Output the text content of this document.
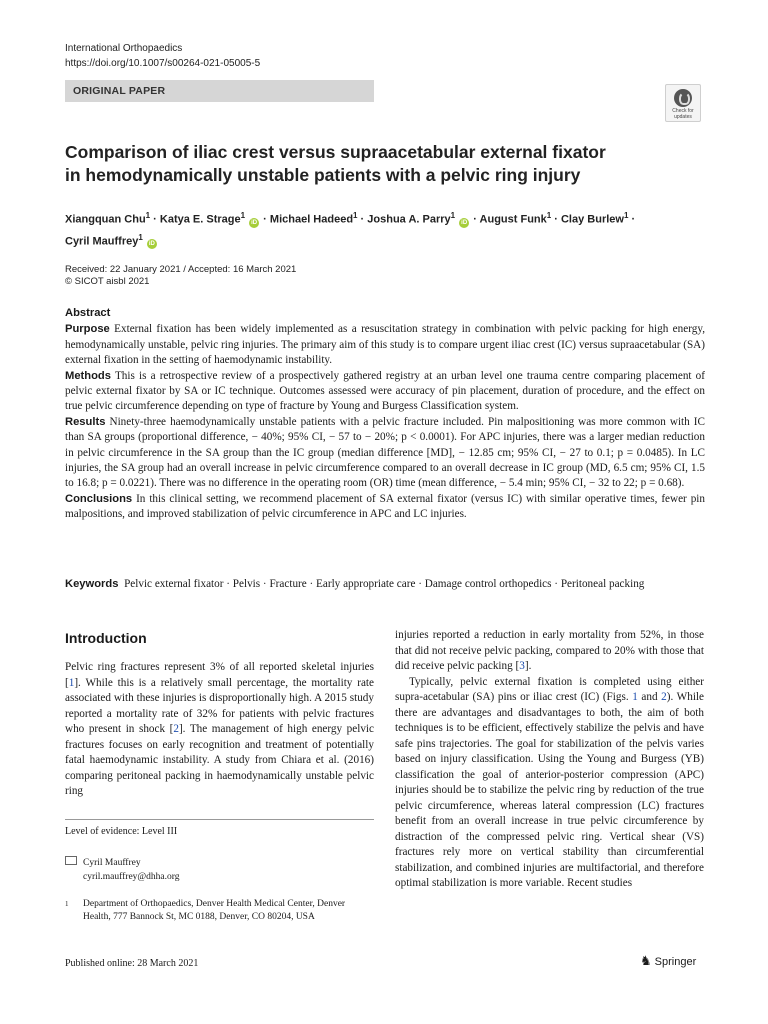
International Orthopaedics
https://doi.org/10.1007/s00264-021-05005-5
ORIGINAL PAPER
Check for
updates
Comparison of iliac crest versus supraacetabular external fixator
in hemodynamically unstable patients with a pelvic ring injury
Xiangquan Chu$^1$ · Katya E. Strage$^1$ iD · Michael Hadeed$^1$ · Joshua A. Parry$^1$ iD · August Funk$^1$ · Clay Burlew$^1$ ·
Cyril Mauffrey$^1$ iD
Received: 22 January 2021 / Accepted: 16 March 2021
© SICOT aisbl 2021
Abstract

Purpose External fixation has been widely implemented as a resuscitation strategy in combination with pelvic packing for high energy, hemodynamically unstable, pelvic ring injuries. The primary aim of this study is to compare urgent iliac crest (IC) versus supraacetabular (SA) external fixation in the setting of haemodynamic instability.

Methods This is a retrospective review of a prospectively gathered registry at an urban level one trauma centre comparing placement of pelvic external fixator by SA or IC technique. Outcomes assessed were accuracy of pin placement, duration of procedure, and the effect on true pelvic circumference depending on type of fracture by Young and Burgess Classification system.

Results Ninety-three haemodynamically unstable patients with a pelvic fracture included. Pin malpositioning was more common with IC than SA groups (proportional difference, − 40%; 95% CI, − 57 to − 20%; p < 0.0001). For APC injuries, there was a larger median reduction in pelvic circumference in the SA group than the IC group (median difference [MD], − 12.85 cm; 95% CI, − 27 to 0.1; p = 0.0485). In LC injuries, the SA group had an overall increase in pelvic circumference compared to an overall decrease in IC group (MD, 6.5 cm; 95% CI, 1.5 to 16.8; p = 0.0221). There was no difference in the operating room (OR) time (mean difference, − 5.4 min; 95% CI, − 32 to 22; p = 0.68).

Conclusions In this clinical setting, we recommend placement of SA external fixator (versus IC) with similar operative times, fewer pin malpositions, and improved stabilization of pelvic circumference in APC and LC injuries.

Keywords Pelvic external fixator · Pelvis · Fracture · Early appropriate care · Damage control orthopedics · Peritoneal packing
Introduction

Pelvic ring fractures represent 3% of all reported skeletal injuries [1]. While this is a relatively small percentage, the mortality rate associated with these injuries is disproportionally high. A 2015 study reported a mortality rate of 32% for patients with pelvic fractures who present in shock [2]. The management of high energy pelvic fractures focuses on early recognition and treatment of potentially fatal haemodynamic instability. A study from Chiara et al. (2016) comparing peritoneal packing in haemodynamically unstable pelvic ring

injuries reported a reduction in early mortality from 52%, in those that did not receive pelvic packing, compared to 20% with those that did receive pelvic packing [3].

Typically, pelvic external fixation is completed using either supra-acetabular (SA) pins or iliac crest (IC) (Figs. 1 and 2). While there are advantages and disadvantages to both, the aim of both techniques is to be efficient, effectively stabilize the pelvis and have safe pins trajectories. The goal for stabilization of the pelvis varies based on injury classification. Using the Young and Burgess (YB) classification the goal of anterior-posterior compression (APC) injuries should be to stabilize the pelvic ring by reduction of the true pelvic circumference, whereas lateral compression (LC) fractures benefit from an overall increase in true pelvic circumference by distraction of the compressed pelvic ring. Vertical shear (VS) fractures rely more on vertical stability than circumferential stabilization, and combined injuries are multifactorial, and therefore optimal stabilization is more variable. Recent studies

Level of evidence: Level III
Cyril Mauffrey
cyril.mauffrey@dhha.org
1 Department of Orthopaedics, Denver Health Medical Center, Denver Health, 777 Bannock St, MC 0188, Denver, CO 80204, USA
Published online: 28 March 2021	♞ Springer
